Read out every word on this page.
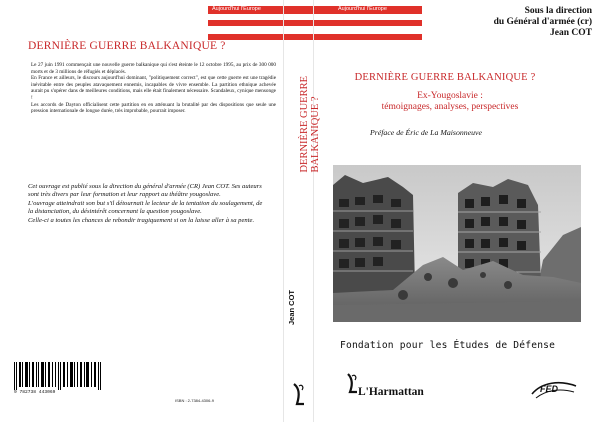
Aujourd'hui l'Europe
DERNIÈRE GUERRE BALKANIQUE ?

Le 27 juin 1991 commençait une nouvelle guerre balkanique qui s'est éteinte le 12 octobre 1995, au prix de 300 000 morts et de 3 millions de réfugiés et déplacés.

En France et ailleurs, le discours aujourd'hui dominant, "politiquement correct", est que cette guerre est une tragédie inévitable entre des peuples atavaquement ennemis, incapables de vivre ensemble. La partition ethnique achevée aurait pu s'opérer dans de meilleures conditions, mais elle était finalement nécessaire. Scandaleux, cynique mensonge !

Les accords de Dayton officialisent cette partition en en atténuant la brutalité par des dispositions que seule une pression internationale de longue durée, très improbable, pourrait imposer.

Cet ouvrage est publié sous la direction du général d'armée (CR) Jean COT. Ses auteurs sont très divers par leur formation et leur rapport au théâtre yougoslave.

L'ouvrage atteindrait son but s'il détournait le lecteur de la tentation du soulagement, de la distanciation, du désintérêt concernant la question yougoslave.

Celle-ci a toutes les chances de rebondir tragiquement si on la laisse aller à sa pente.

9 782738 443069
ISBN : 2-7384-4306-9
DERNIÈRE GUERRE BALKANIQUE ?
Jean COT
Aujourd'hui l'Europe	Sous la direction
du Général d'armée (cr)
Jean COT
DERNIÈRE GUERRE BALKANIQUE ?
Ex-Yougoslavie :
témoignages, analyses, perspectives
Préface de Éric de La Maisonneuve
Fondation pour les Études de Défense
L'Harmattan	FED
